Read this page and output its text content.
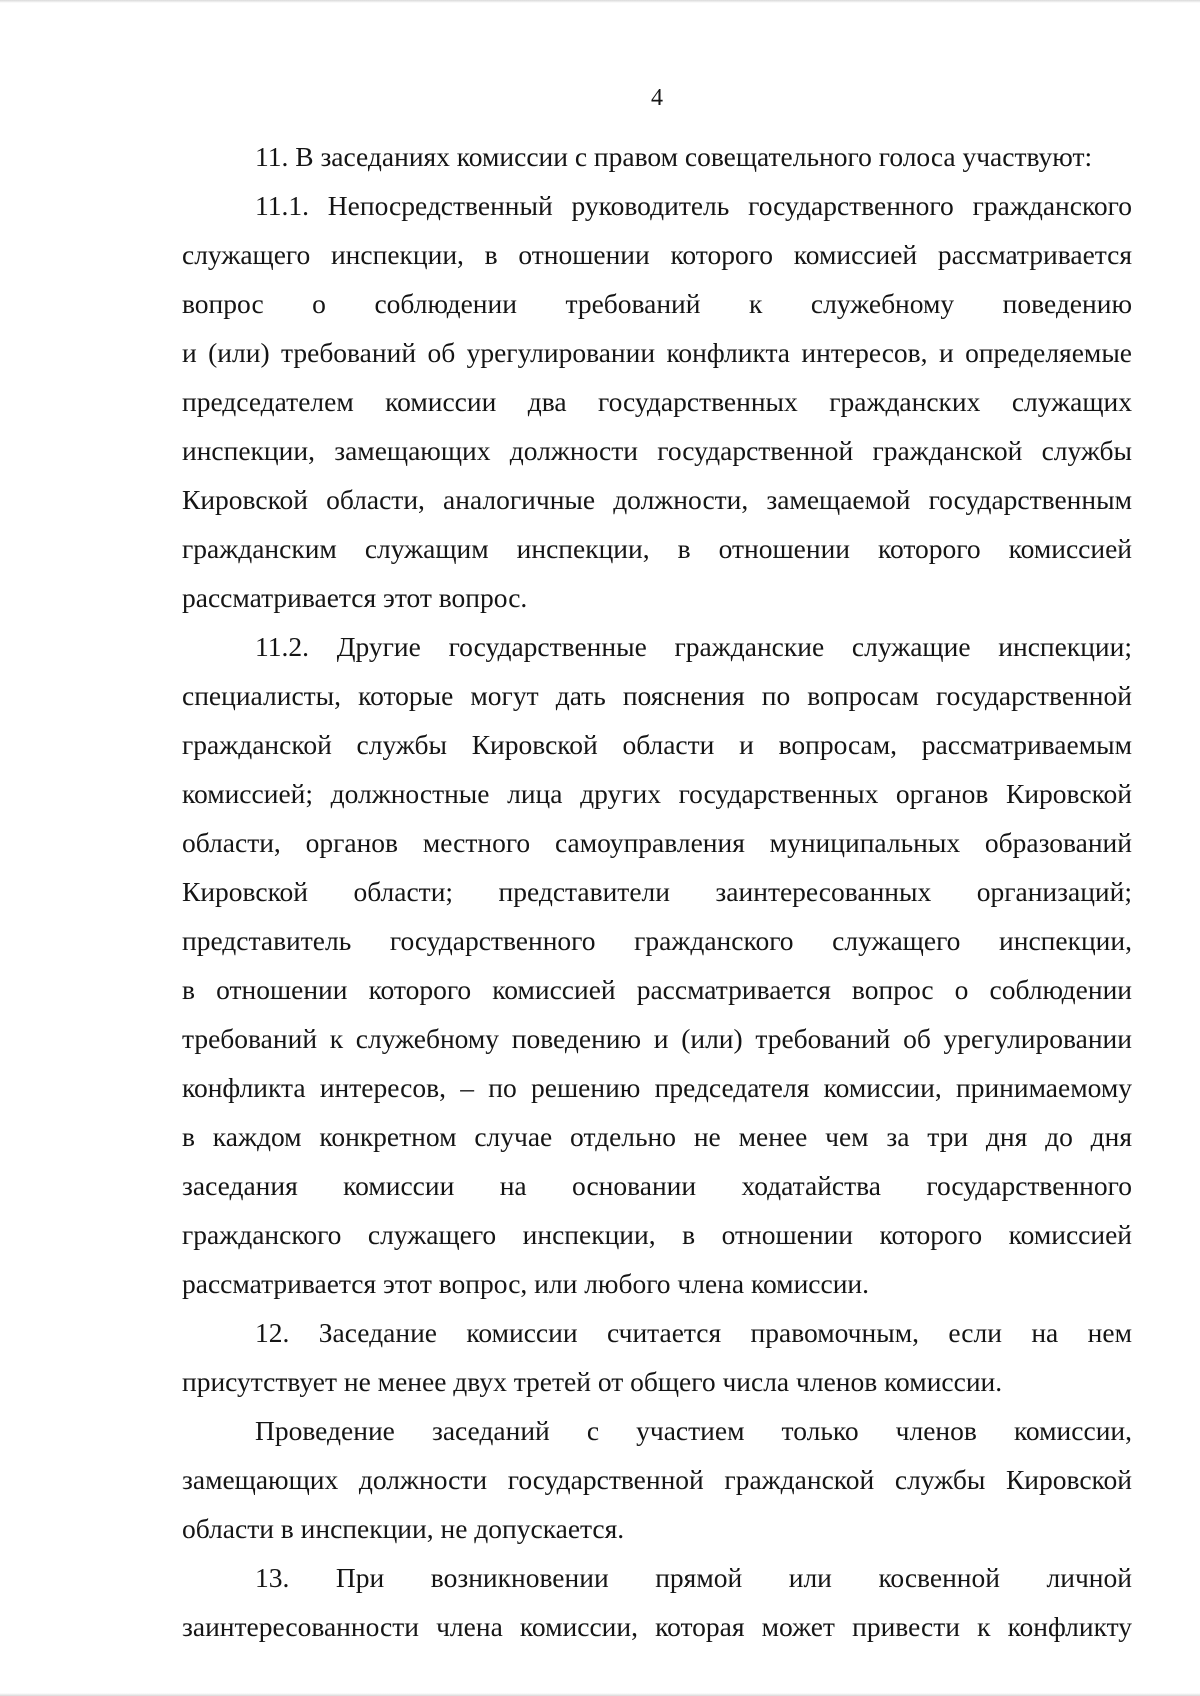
4
11. В заседаниях комиссии с правом совещательного голоса участвуют:
11.1. Непосредственный руководитель государственного гражданского
служащего инспекции, в отношении которого комиссией рассматривается
вопрос о соблюдении требований к служебному поведению
и (или) требований об урегулировании конфликта интересов, и определяемые
председателем комиссии два государственных гражданских служащих
инспекции, замещающих должности государственной гражданской службы
Кировской области, аналогичные должности, замещаемой государственным
гражданским служащим инспекции, в отношении которого комиссией
рассматривается этот вопрос.
11.2. Другие государственные гражданские служащие инспекции;
специалисты, которые могут дать пояснения по вопросам государственной
гражданской службы Кировской области и вопросам, рассматриваемым
комиссией; должностные лица других государственных органов Кировской
области, органов местного самоуправления муниципальных образований
Кировской области; представители заинтересованных организаций;
представитель государственного гражданского служащего инспекции,
в отношении которого комиссией рассматривается вопрос о соблюдении
требований к служебному поведению и (или) требований об урегулировании
конфликта интересов, – по решению председателя комиссии, принимаемому
в каждом конкретном случае отдельно не менее чем за три дня до дня
заседания комиссии на основании ходатайства государственного
гражданского служащего инспекции, в отношении которого комиссией
рассматривается этот вопрос, или любого члена комиссии.
12. Заседание комиссии считается правомочным, если на нем
присутствует не менее двух третей от общего числа членов комиссии.
Проведение заседаний с участием только членов комиссии,
замещающих должности государственной гражданской службы Кировской
области в инспекции, не допускается.
13. При возникновении прямой или косвенной личной
заинтересованности члена комиссии, которая может привести к конфликту
